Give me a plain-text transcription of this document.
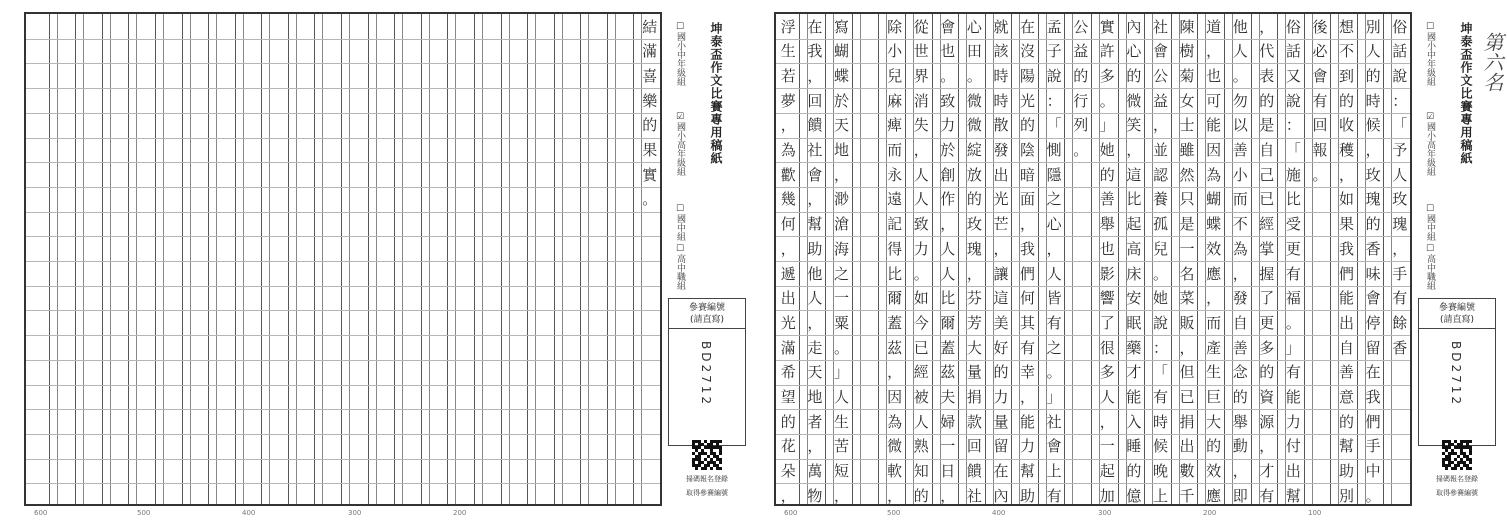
結
滿
喜
樂
的
果
實
。
600	500	400	300	200
坤泰盃作文比賽專用稿紙
☐國小中年級組
☑國小高年級組
☐國中組
☐高中職組
參賽編號
(請直寫)
BD2712
掃碼報名登錄
取得參賽編號
俗
話
說
：
「
予
人
玫
瑰
，
手
有
餘
香
別
人
的
時
候
，
玫
瑰
的
香
味
會
停
留
在
我
們
手
中
。
想
不
到
的
收
穫
，
如
果
我
們
能
出
自
善
意
的
幫
助
別
後
必
會
有
回
報
。
俗
話
又
說
：
「
施
比
受
更
有
福
。
」
有
能
力
付
出
幫
，
代
表
的
是
自
己
已
經
掌
握
了
更
多
的
資
源
，
才
有
他
人
。
勿
以
善
小
而
不
為
，
發
自
善
念
的
舉
動
，
即
道
，
也
可
能
因
為
蝴
蝶
效
應
，
而
產
生
巨
大
的
效
應
陳
樹
菊
女
士
雖
然
只
是
一
名
菜
販
，
但
已
捐
出
數
千
社
會
公
益
，
並
認
養
孤
兒
。
她
說
：
「
有
時
候
晚
上
內
心
的
微
笑
，
這
比
起
高
床
安
眠
藥
才
能
入
睡
的
億
實
許
多
。
」
她
的
善
舉
也
影
響
了
很
多
人
，
一
起
加
公
益
的
行
列
。
孟
子
說
：
「
惻
隱
之
心
，
人
皆
有
之
。
」
社
會
上
有
在
沒
陽
光
的
陰
暗
面
，
我
們
何
其
有
幸
，
能
力
幫
助
就
該
時
時
散
發
出
光
芒
，
讓
這
美
好
的
力
量
留
在
內
心
田
。
微
微
綻
放
的
玫
瑰
，
芬
芳
大
量
捐
款
回
饋
社
會
也
。
致
力
於
創
作
，
人
人
比
爾
蓋
茲
夫
婦
一
日
，
從
世
界
消
失
，
人
人
致
力
。
如
今
已
經
被
人
熟
知
的
除
小
兒
麻
痺
而
永
遠
記
得
比
爾
蓋
茲
，
因
為
微
軟
，
寫
蝴
蝶
於
天
地
，
渺
滄
海
之
一
粟
。
」
人
生
苦
短
，
在
我
，
回
饋
社
會
，
幫
助
他
人
，
走
天
地
者
，
萬
物
浮
生
若
夢
，
為
歡
幾
何
，
遞
出
光
滿
希
望
的
花
朵
，
600	500	400	300	200	100
坤泰盃作文比賽專用稿紙
☐國小中年級組
☑國小高年級組
☐國中組
☐高中職組
參賽編號
(請直寫)
BD2712
掃碼報名登錄
取得參賽編號
第六名
